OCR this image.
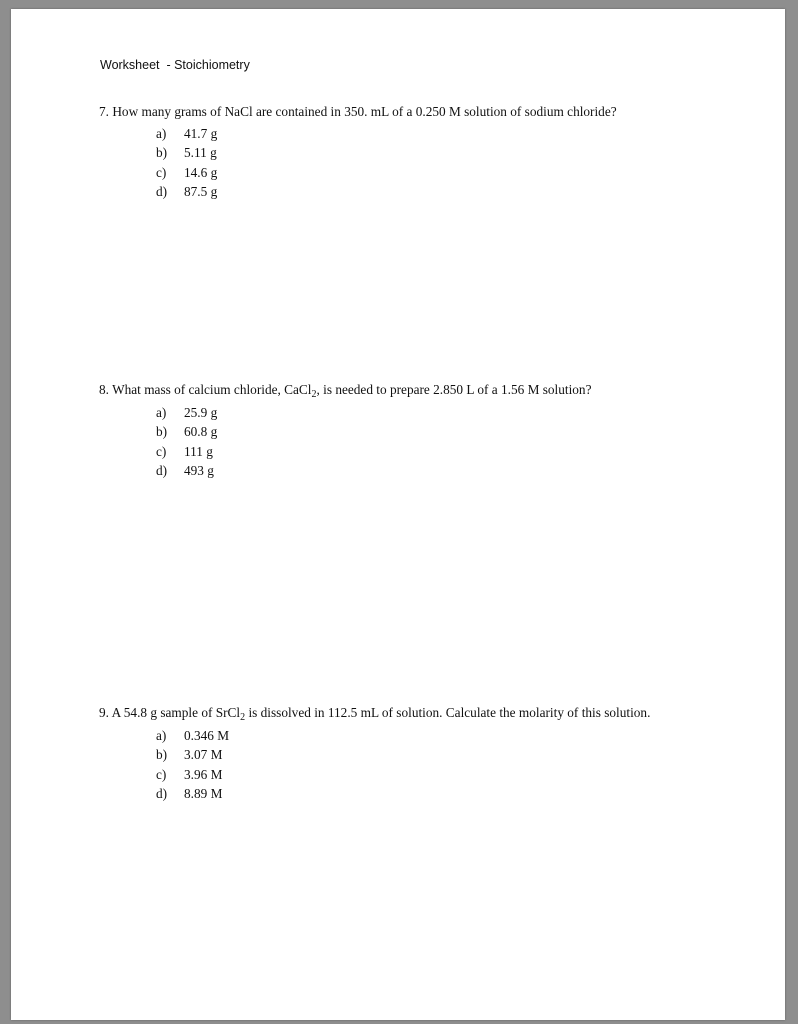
Worksheet  - Stoichiometry
7. How many grams of NaCl are contained in 350. mL of a 0.250 M solution of sodium chloride?
a) 41.7 g
b) 5.11 g
c) 14.6 g
d) 87.5 g
8. What mass of calcium chloride, CaCl$_2$, is needed to prepare 2.850 L of a 1.56 M solution?
a) 25.9 g
b) 60.8 g
c) 111 g
d) 493 g
9. A 54.8 g sample of SrCl$_2$ is dissolved in 112.5 mL of solution. Calculate the molarity of this solution.
a) 0.346 M
b) 3.07 M
c) 3.96 M
d) 8.89 M
